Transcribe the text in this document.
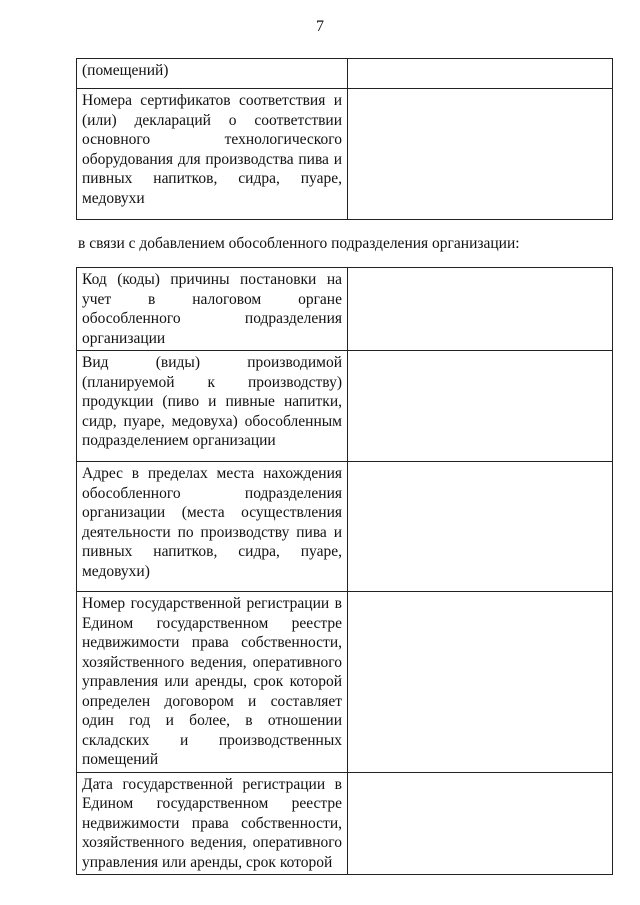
7
(помещений)	
Номера сертификатов соответствия и (или) деклараций о соответствии основного технологического оборудования для производства пива и пивных напитков, сидра, пуаре, медовухи	
в связи с добавлением обособленного подразделения организации:
Код (коды) причины постановки на учет в налоговом органе обособленного подразделения организации	
Вид (виды) производимой (планируемой к производству) продукции (пиво и пивные напитки, сидр, пуаре, медовуха) обособленным подразделением организации	
Адрес в пределах места нахождения обособленного подразделения организации (места осуществления деятельности по производству пива и пивных напитков, сидра, пуаре, медовухи)	
Номер государственной регистрации в Едином государственном реестре недвижимости права собственности, хозяйственного ведения, оперативного управления или аренды, срок которой определен договором и составляет один год и более, в отношении складских и производственных помещений	
Дата государственной регистрации в Едином государственном реестре недвижимости права собственности, хозяйственного ведения, оперативного управления или аренды, срок которой	
